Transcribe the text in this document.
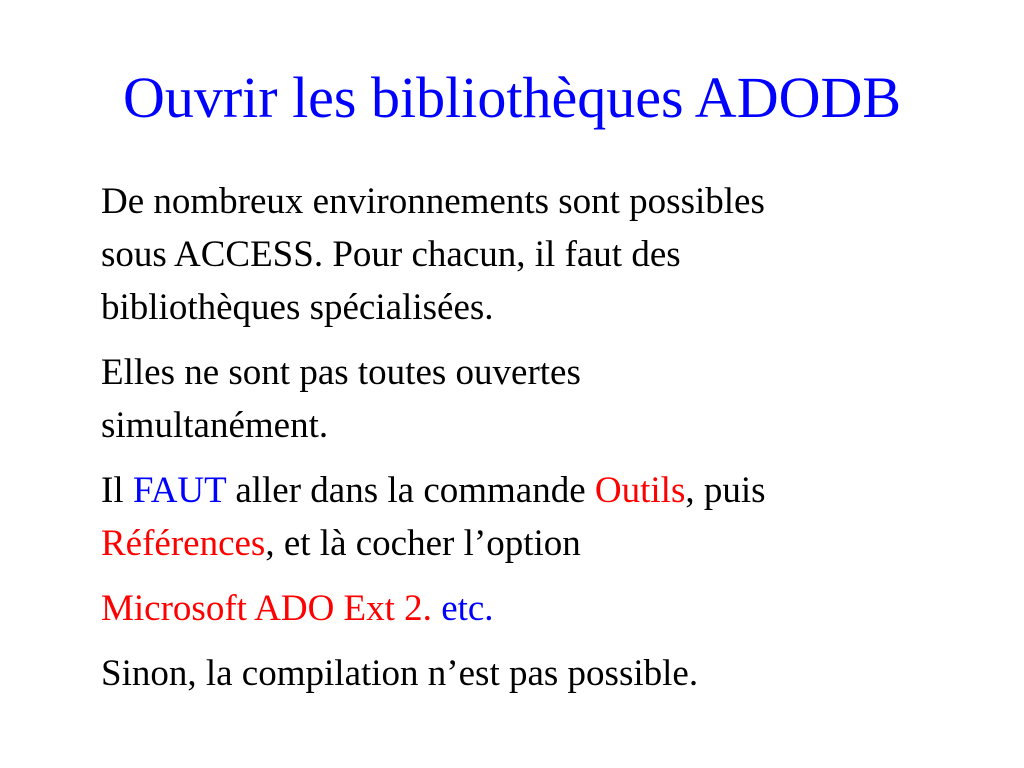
Ouvrir les bibliothèques ADODB

De nombreux environnements sont possibles
sous ACCESS. Pour chacun, il faut des
bibliothèques spécialisées.

Elles ne sont pas toutes ouvertes
simultanément.

Il FAUT aller dans la commande Outils, puis
Références, et là cocher l’option

Microsoft ADO Ext 2. etc.

Sinon, la compilation n’est pas possible.
